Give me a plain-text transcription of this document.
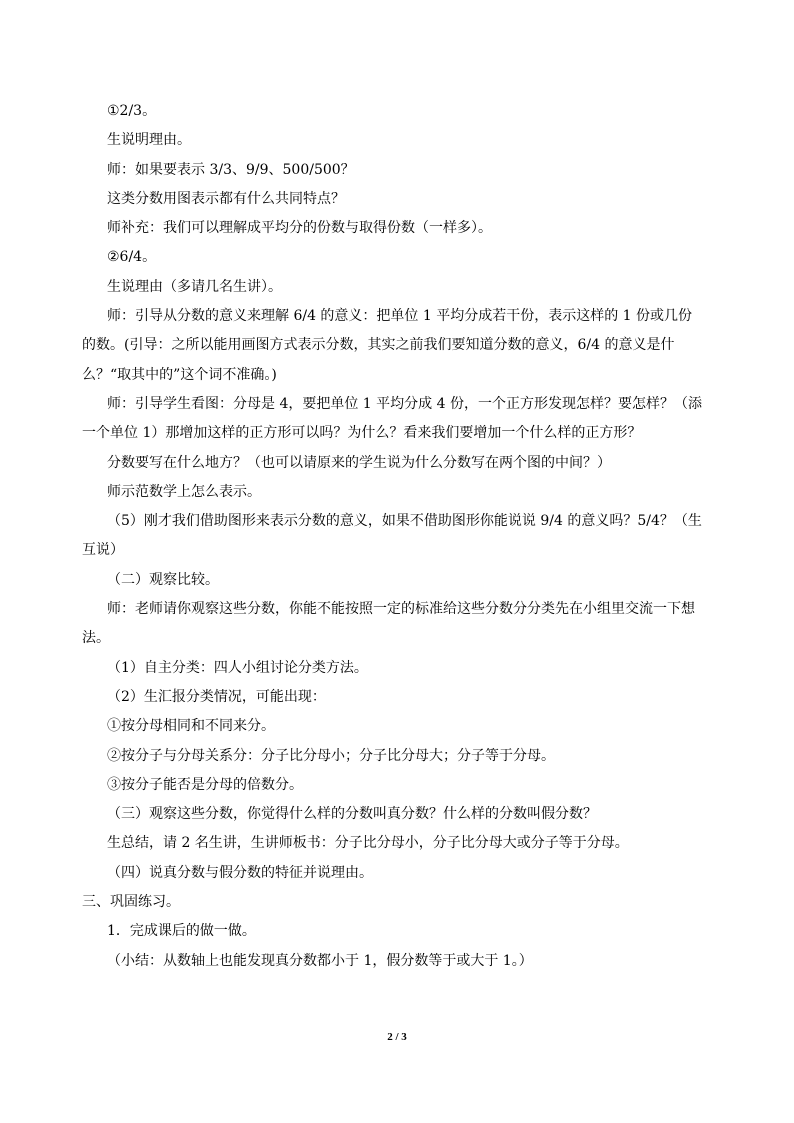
①2/3。

生说明理由。

师：如果要表示 3/3、9/9、500/500？

这类分数用图表示都有什么共同特点？

师补充：我们可以理解成平均分的份数与取得份数（一样多）。

②6/4。

生说理由（多请几名生讲）。

师：引导从分数的意义来理解 6/4 的意义：把单位 1 平均分成若干份，表示这样的 1 份或几份的数。(引导：之所以能用画图方式表示分数，其实之前我们要知道分数的意义，6/4 的意义是什么？“取其中的”这个词不准确。)

师：引导学生看图：分母是 4，要把单位 1 平均分成 4 份，一个正方形发现怎样？要怎样？（添一个单位 1）那增加这样的正方形可以吗？为什么？看来我们要增加一个什么样的正方形？

分数要写在什么地方？（也可以请原来的学生说为什么分数写在两个图的中间？）

师示范数学上怎么表示。

（5）刚才我们借助图形来表示分数的意义，如果不借助图形你能说说 9/4 的意义吗？5/4？（生互说）

（二）观察比较。

师：老师请你观察这些分数，你能不能按照一定的标准给这些分数分分类先在小组里交流一下想法。

（1）自主分类：四人小组讨论分类方法。

（2）生汇报分类情况，可能出现：

①按分母相同和不同来分。

②按分子与分母关系分：分子比分母小；分子比分母大；分子等于分母。

③按分子能否是分母的倍数分。

（三）观察这些分数，你觉得什么样的分数叫真分数？什么样的分数叫假分数？

生总结，请 2 名生讲，生讲师板书：分子比分母小，分子比分母大或分子等于分母。

（四）说真分数与假分数的特征并说理由。

三、巩固练习。

1．完成课后的做一做。

（小结：从数轴上也能发现真分数都小于 1，假分数等于或大于 1。）

2 / 3
